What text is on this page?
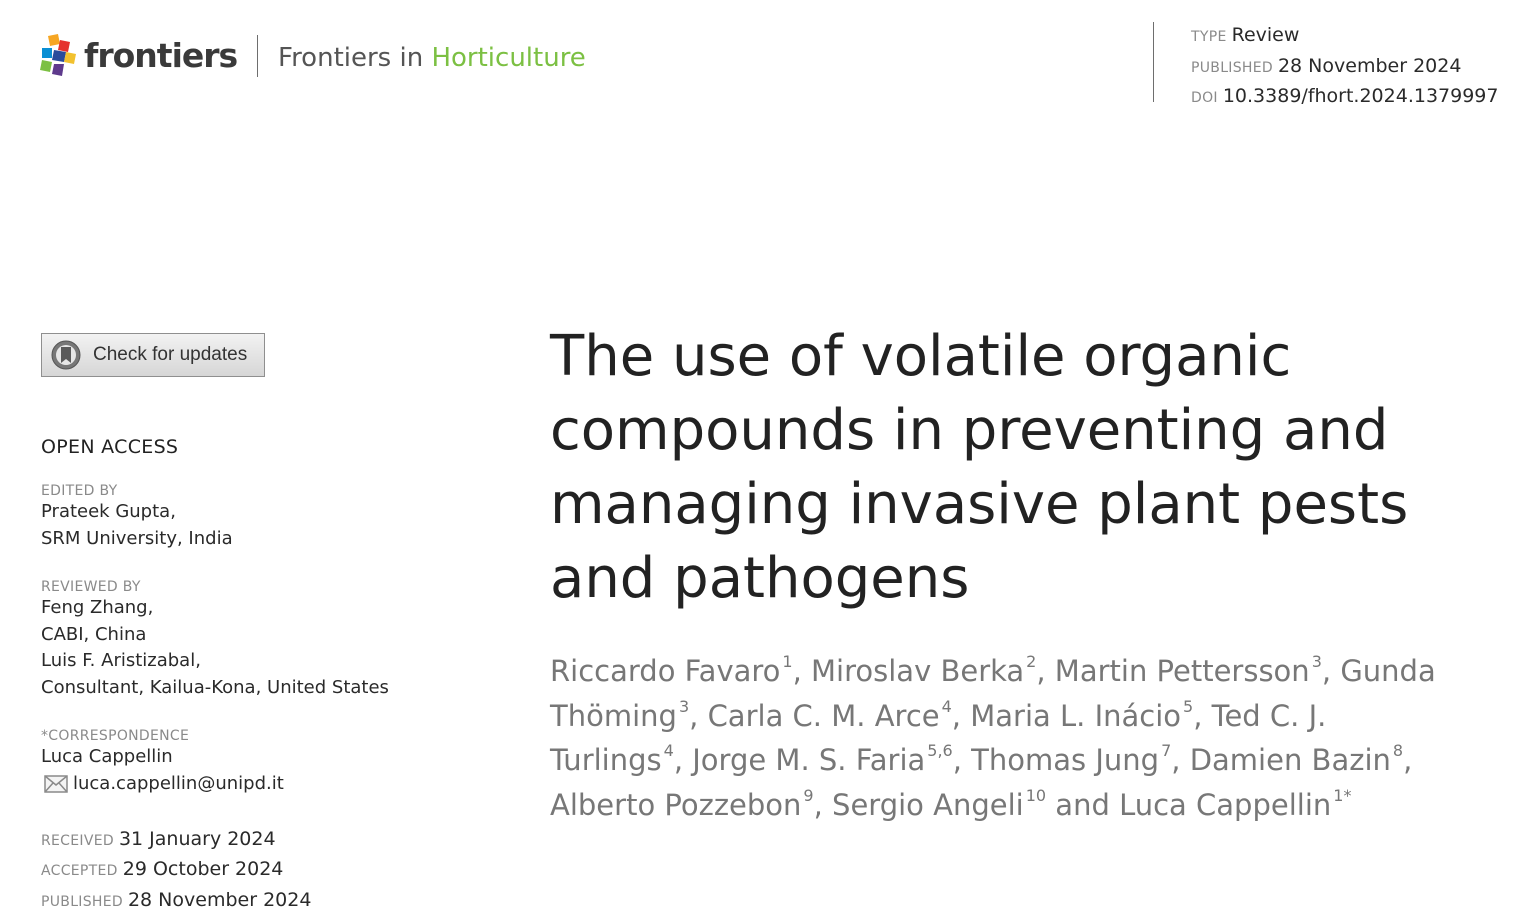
frontiers Frontiers in Horticulture
TYPE Review
PUBLISHED 28 November 2024
DOI 10.3389/fhort.2024.1379997
Check for updates
OPEN ACCESS
EDITED BY
Prateek Gupta,
SRM University, India
REVIEWED BY
Feng Zhang,
CABI, China
Luis F. Aristizabal,
Consultant, Kailua-Kona, United States
*CORRESPONDENCE
Luca Cappellin
luca.cappellin@unipd.it
RECEIVED 31 January 2024
ACCEPTED 29 October 2024
PUBLISHED 28 November 2024
The use of volatile organic compounds in preventing and managing invasive plant pests and pathogens

Riccardo Favaro $^1$, Miroslav Berka $^2$, Martin Pettersson $^3$, Gunda Thöming $^3$, Carla C. M. Arce $^4$, Maria L. Inácio $^5$, Ted C. J. Turlings $^4$, Jorge M. S. Faria $^{5,6}$, Thomas Jung $^7$, Damien Bazin $^8$, Alberto Pozzebon $^9$, Sergio Angeli $^{10}$ and Luca Cappellin $^{1*}$
